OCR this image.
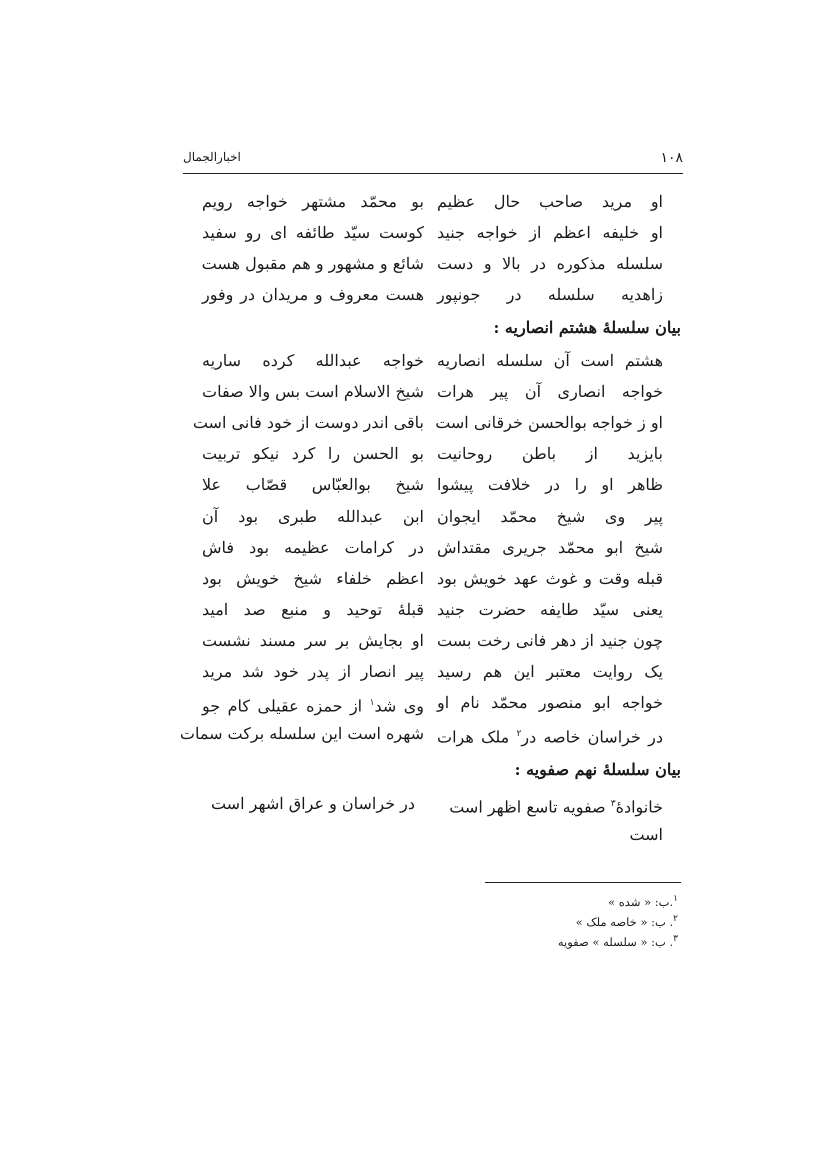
اخبارالجمال	۱۰۸
او مرید صاحب حال عظیم
بو محمّد مشتهر خواجه رویم
او خلیفه اعظم از خواجه جنید
کوست سیّد طائفه ای رو سفید
سلسله مذکوره در بالا و دست
شائع و مشهور و هم مقبول هست
زاهدیه سلسله در جونپور
هست معروف و مریدان در وفور
بیان سلسلهٔ هشتم انصاریه :
هشتم است آن سلسله انصاریه
خواجه عبدالله کرده ساریه
خواجه انصاری آن پیر هرات
شیخ الاسلام است بس والا صفات
او ز خواجه بوالحسن خرقانی است
باقی اندر دوست از خود فانی است
بایزید از باطن روحانیت
بو الحسن را کرد نیکو تربیت
ظاهر او را در خلافت پیشوا
شیخ بوالعبّاس قصّاب علا
پیر وی شیخ محمّد ایجوان
ابن عبدالله طبری بود آن
شیخ ابو محمّد جریری مقتداش
در کرامات عظیمه بود فاش
قبله وقت و غوث عهد خویش بود
اعظم خلفاء شیخ خویش بود
یعنی سیّد طایفه حضرت جنید
قبلهٔ توحید و منبع صد امید
چون جنید از دهر فانی رخت بست
او بجایش بر سر مسند نشست
یک روایت معتبر این هم رسید
پیر انصار از پدر خود شد مرید
خواجه ابو منصور محمّد نام او
وی شد$^۱$ از حمزه عقیلی کام جو
در خراسان خاصه در$^۲$ ملک هرات
شهره است این سلسله برکت سمات
بیان سلسلهٔ نهم صفویه :
خانوادهٔ$^۳$ صفویه تاسع اظهر است
در خراسان و عراق اشهر است
است
$^۱$.ب: « شده »
$^۲$. ب: « خاصه ملک »
$^۳$. ب: « سلسله » صفویه
